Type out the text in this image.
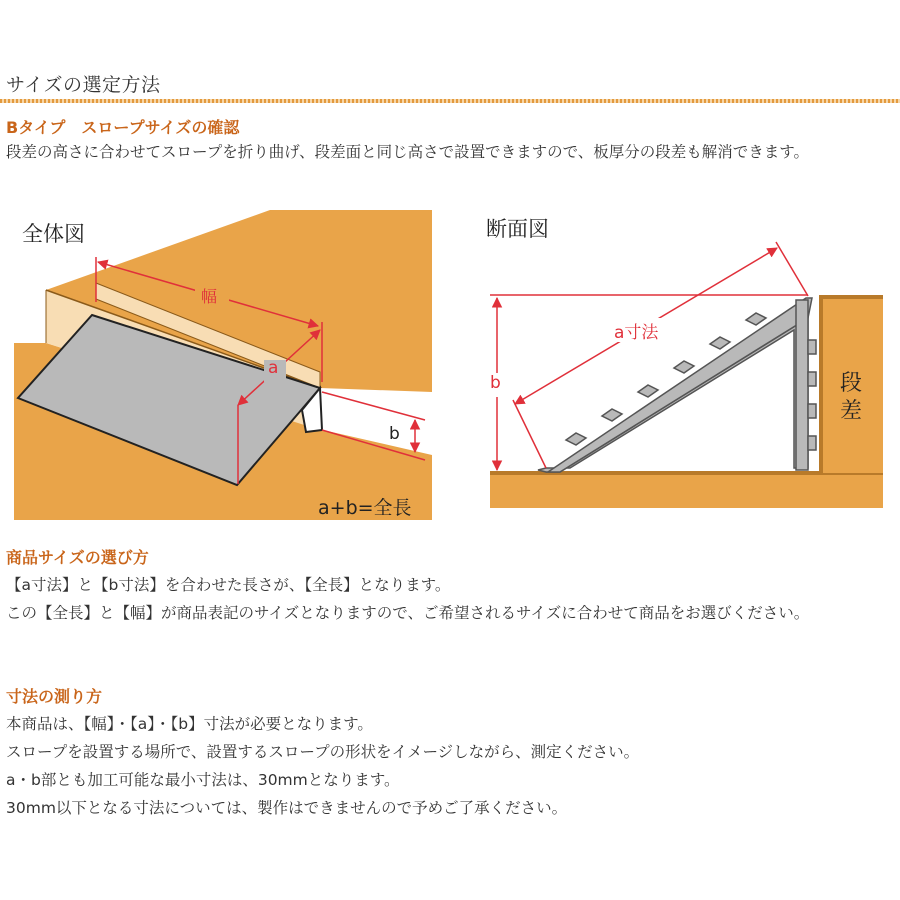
サイズの選定方法
Bタイプ　スロープサイズの確認
段差の高さに合わせてスロープを折り曲げ、段差面と同じ高さで設置できますので、板厚分の段差も解消できます。
全体図
幅
a
b
a+b=全長
断面図
a寸法
b	段
差
商品サイズの選び方

【a寸法】と【b寸法】を合わせた長さが、【全長】となります。

この【全長】と【幅】が商品表記のサイズとなりますので、ご希望されるサイズに合わせて商品をお選びください。

寸法の測り方

本商品は、【幅】・【a】・【b】寸法が必要となります。

スロープを設置する場所で、設置するスロープの形状をイメージしながら、測定ください。

a・b部とも加工可能な最小寸法は、30mmとなります。

30mm以下となる寸法については、製作はできませんので予めご了承ください。
